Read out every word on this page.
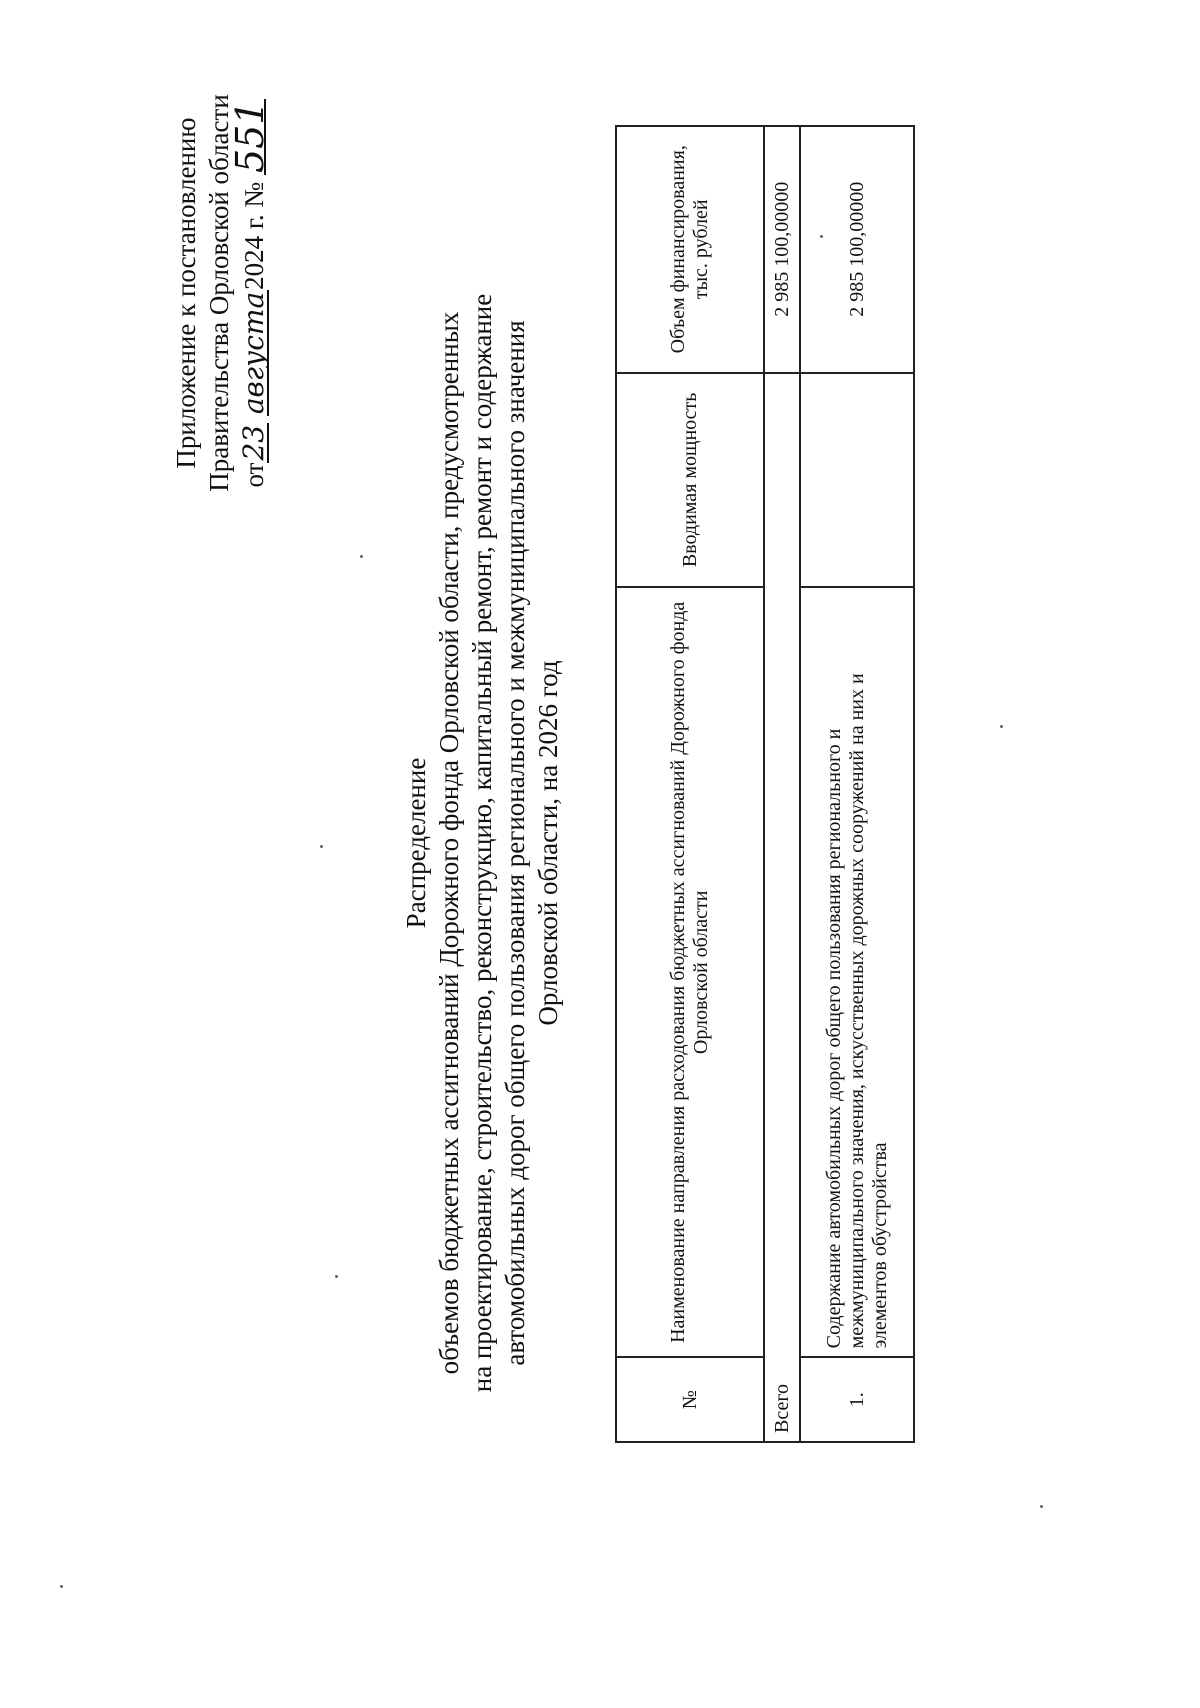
Приложение к постановлению Правительства Орловской области от23 августа2024 г. № 551
Распределение объемов бюджетных ассигнований Дорожного фонда Орловской области, предусмотренных на проектирование, строительство, реконструкцию, капитальный ремонт, ремонт и содержание автомобильных дорог общего пользования регионального и межмуниципального значения Орловской области, на 2026 год
№	Наименование направления расходования бюджетных ассигнований Дорожного фонда Орловской области	Вводимая мощность	Объем финансирования, тыс. рублей
Всего			2 985 100,00000
1.	Содержание автомобильных дорог общего пользования регионального и межмуниципального значения, искусственных дорожных сооружений на них и элементов обустройства		2 985 100,00000
